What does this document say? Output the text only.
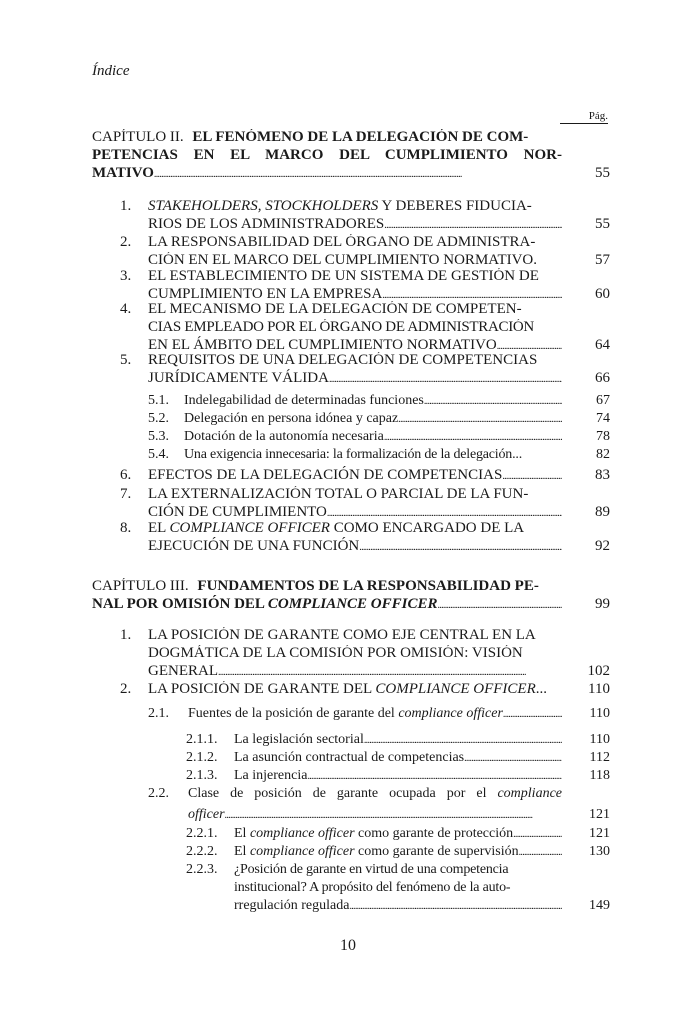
Índice
Pág.
CAPÍTULO II. EL FENÓMENO DE LA DELEGACIÓN DE COM-
PETENCIAS EN EL MARCO DEL CUMPLIMIENTO NOR-
MATIVO . . .	55
1. STAKEHOLDERS, STOCKHOLDERS Y DEBERES FIDUCIA-
RIOS DE LOS ADMINISTRADORES . . .	55
2. LA RESPONSABILIDAD DEL ÓRGANO DE ADMINISTRA-
CIÓN EN EL MARCO DEL CUMPLIMIENTO NORMATIVO.	57
3. EL ESTABLECIMIENTO DE UN SISTEMA DE GESTIÓN DE
CUMPLIMIENTO EN LA EMPRESA . . .	60
4. EL MECANISMO DE LA DELEGACIÓN DE COMPETEN-
CIAS EMPLEADO POR EL ÓRGANO DE ADMINISTRACIÓN
EN EL ÁMBITO DEL CUMPLIMIENTO NORMATIVO . . .	64
5. REQUISITOS DE UNA DELEGACIÓN DE COMPETENCIAS
JURÍDICAMENTE VÁLIDA . . .	66
5.1. Indelegabilidad de determinadas funciones . . .	67
5.2. Delegación en persona idónea y capaz . . .	74
5.3. Dotación de la autonomía necesaria . . .	78
5.4. Una exigencia innecesaria: la formalización de la delegación...	82
6. EFECTOS DE LA DELEGACIÓN DE COMPETENCIAS . . .	83
7. LA EXTERNALIZACIÓN TOTAL O PARCIAL DE LA FUN-
CIÓN DE CUMPLIMIENTO . . .	89
8. EL COMPLIANCE OFFICER COMO ENCARGADO DE LA
EJECUCIÓN DE UNA FUNCIÓN . . .	92
CAPÍTULO III. FUNDAMENTOS DE LA RESPONSABILIDAD PE-
NAL POR OMISIÓN DEL COMPLIANCE OFFICER . . .	99
1. LA POSICIÓN DE GARANTE COMO EJE CENTRAL EN LA
DOGMÁTICA DE LA COMISIÓN POR OMISIÓN: VISIÓN
GENERAL . . .	102
2. LA POSICIÓN DE GARANTE DEL COMPLIANCE OFFICER...	110
2.1. Fuentes de la posición de garante del compliance officer . . .	110
2.1.1. La legislación sectorial . . .	110
2.1.2. La asunción contractual de competencias . . .	112
2.1.3. La injerencia . . .	118
2.2. Clase de posición de garante ocupada por el compliance
officer . . .	121
2.2.1. El compliance officer como garante de protección . . .	121
2.2.2. El compliance officer como garante de supervisión . . .	130
2.2.3. ¿Posición de garante en virtud de una competencia
institucional? A propósito del fenómeno de la auto-
rregulación regulada . . .	149
10
